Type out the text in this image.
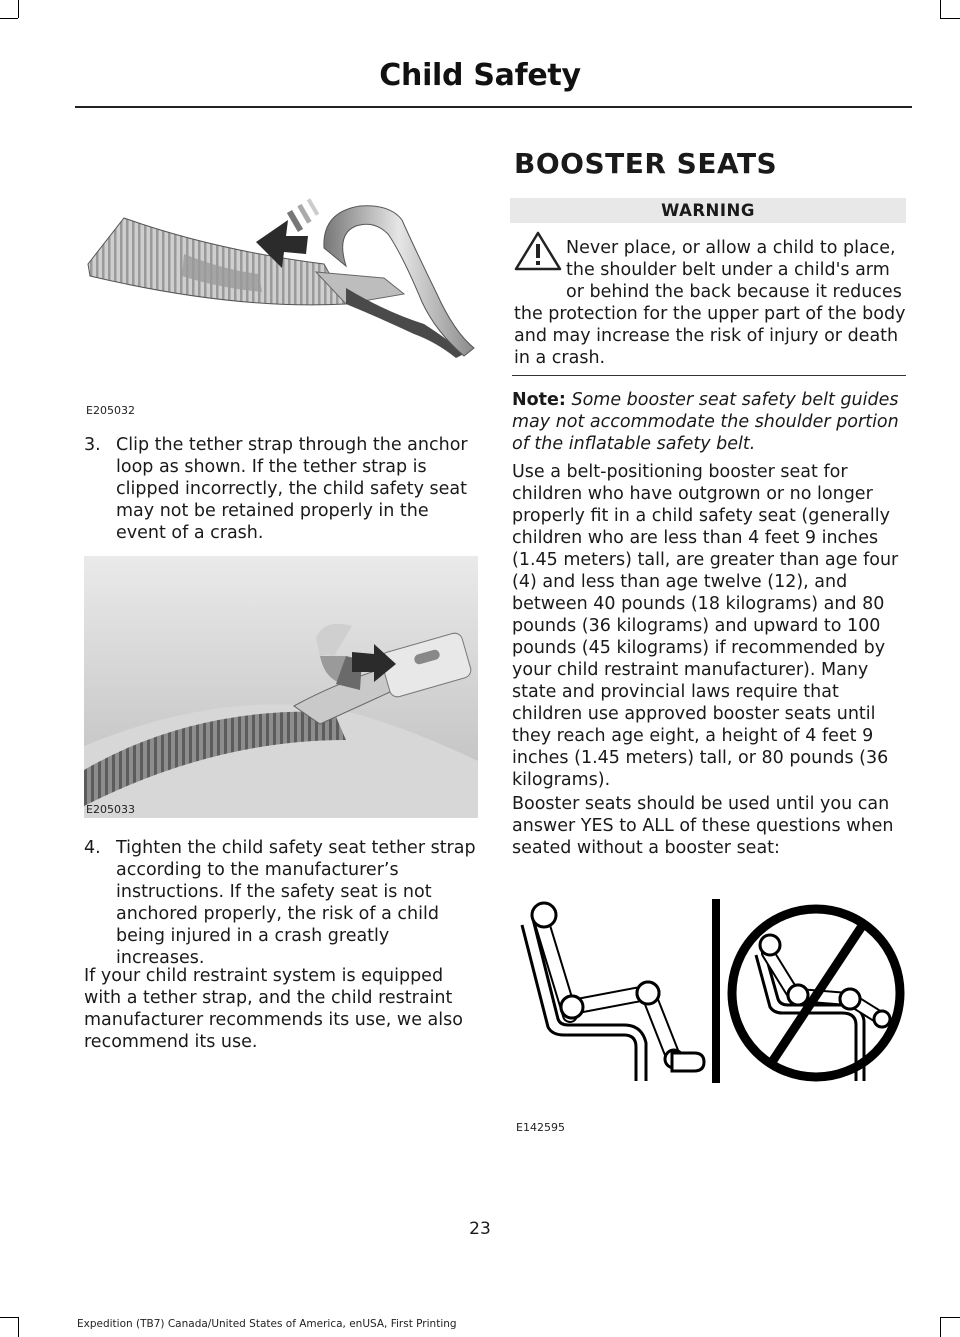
Child Safety
E205032
3. Clip the tether strap through the anchor loop as shown. If the tether strap is clipped incorrectly, the child safety seat may not be retained properly in the event of a crash.
E205033
4. Tighten the child safety seat tether strap according to the manufacturer’s instructions. If the safety seat is not anchored properly, the risk of a child being injured in a crash greatly increases.
If your child restraint system is equipped with a tether strap, and the child restraint manufacturer recommends its use, we also recommend its use.
BOOSTER SEATS
WARNING
Never place, or allow a child to place, the shoulder belt under a child's arm or behind the back because it reduces the protection for the upper part of the body and may increase the risk of injury or death in a crash.
Note: Some booster seat safety belt guides may not accommodate the shoulder portion of the inflatable safety belt.
Use a belt-positioning booster seat for children who have outgrown or no longer properly fit in a child safety seat (generally children who are less than 4 feet 9 inches (1.45 meters) tall, are greater than age four (4) and less than age twelve (12), and between 40 pounds (18 kilograms) and 80 pounds (36 kilograms) and upward to 100 pounds (45 kilograms) if recommended by your child restraint manufacturer). Many state and provincial laws require that children use approved booster seats until they reach age eight, a height of 4 feet 9 inches (1.45 meters) tall, or 80 pounds (36 kilograms).
Booster seats should be used until you can answer YES to ALL of these questions when seated without a booster seat:
E142595
23
Expedition (TB7) Canada/United States of America, enUSA, First Printing
